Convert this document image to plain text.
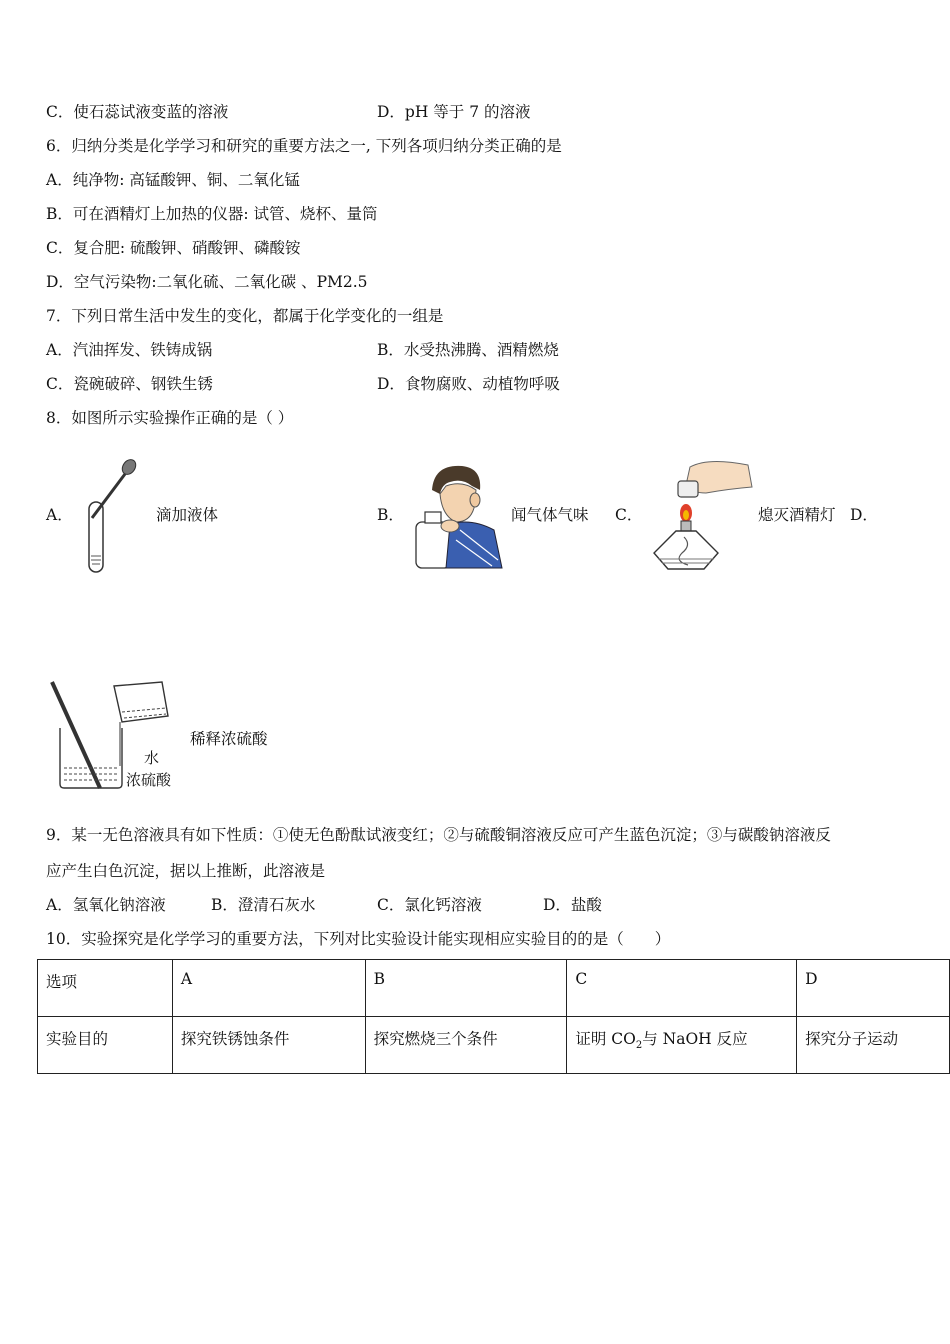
C．使石蕊试液变蓝的溶液	D．pH 等于 7 的溶液
6．归纳分类是化学学习和研究的重要方法之一, 下列各项归纳分类正确的是
A．纯净物: 高锰酸钾、铜、二氧化锰
B．可在酒精灯上加热的仪器: 试管、烧杯、量筒
C．复合肥: 硫酸钾、硝酸钾、磷酸铵
D．空气污染物:二氧化硫、二氧化碳 、PM2.5
7．下列日常生活中发生的变化，都属于化学变化的一组是
A．汽油挥发、铁铸成锅	B．水受热沸腾、酒精燃烧
C．瓷碗破碎、钢铁生锈	D．食物腐败、动植物呼吸
8．如图所示实验操作正确的是（ ）
A．	滴加液体	B．	闻气体气味 C．	熄灭酒精灯 D．
水
浓硫酸
稀释浓硫酸
9．某一无色溶液具有如下性质：①使无色酚酞试液变红；②与硫酸铜溶液反应可产生蓝色沉淀；③与碳酸钠溶液反
应产生白色沉淀，据以上推断，此溶液是
A．氢氧化钠溶液	B．澄清石灰水	C．氯化钙溶液	D．盐酸
10．实验探究是化学学习的重要方法，下列对比实验设计能实现相应实验目的的是（　　）
选项	A	B	C	D
实验目的	探究铁锈蚀条件	探究燃烧三个条件	证明 $CO_2$与 NaOH 反应	探究分子运动
